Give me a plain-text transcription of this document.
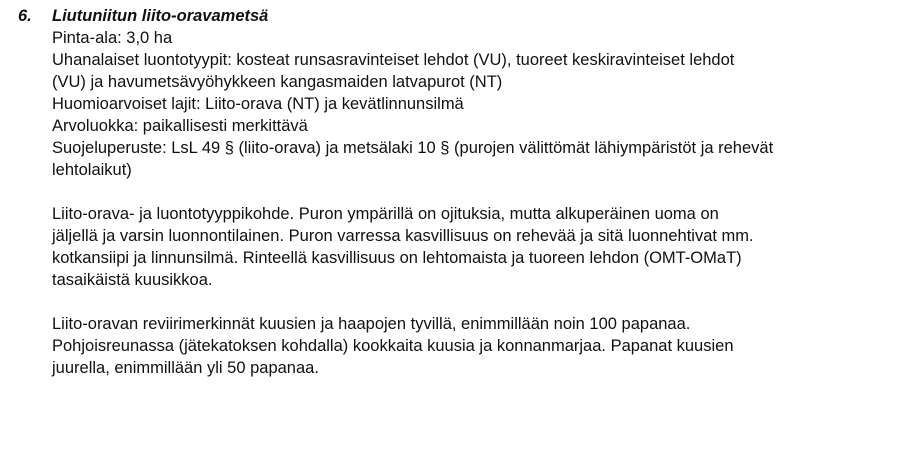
6. Liutuniitun liito-oravametsä
Pinta-ala: 3,0 ha
Uhanalaiset luontotyypit: kosteat runsasravinteiset lehdot (VU), tuoreet keskiravinteiset lehdot
(VU) ja havumetsävyöhykkeen kangasmaiden latvapurot (NT)
Huomioarvoiset lajit: Liito-orava (NT) ja kevätlinnunsilmä
Arvoluokka: paikallisesti merkittävä
Suojeluperuste: LsL 49 § (liito-orava) ja metsälaki 10 § (purojen välittömät lähiympäristöt ja rehevät
lehtolaikut)
Liito-orava- ja luontotyyppikohde. Puron ympärillä on ojituksia, mutta alkuperäinen uoma on
jäljellä ja varsin luonnontilainen. Puron varressa kasvillisuus on rehevää ja sitä luonnehtivat mm.
kotkansiipi ja linnunsilmä. Rinteellä kasvillisuus on lehtomaista ja tuoreen lehdon (OMT-OMaT)
tasaikäistä kuusikkoa.
Liito-oravan reviirimerkinnät kuusien ja haapojen tyvillä, enimmillään noin 100 papanaa.
Pohjoisreunassa (jätekatoksen kohdalla) kookkaita kuusia ja konnanmarjaa. Papanat kuusien
juurella, enimmillään yli 50 papanaa.
